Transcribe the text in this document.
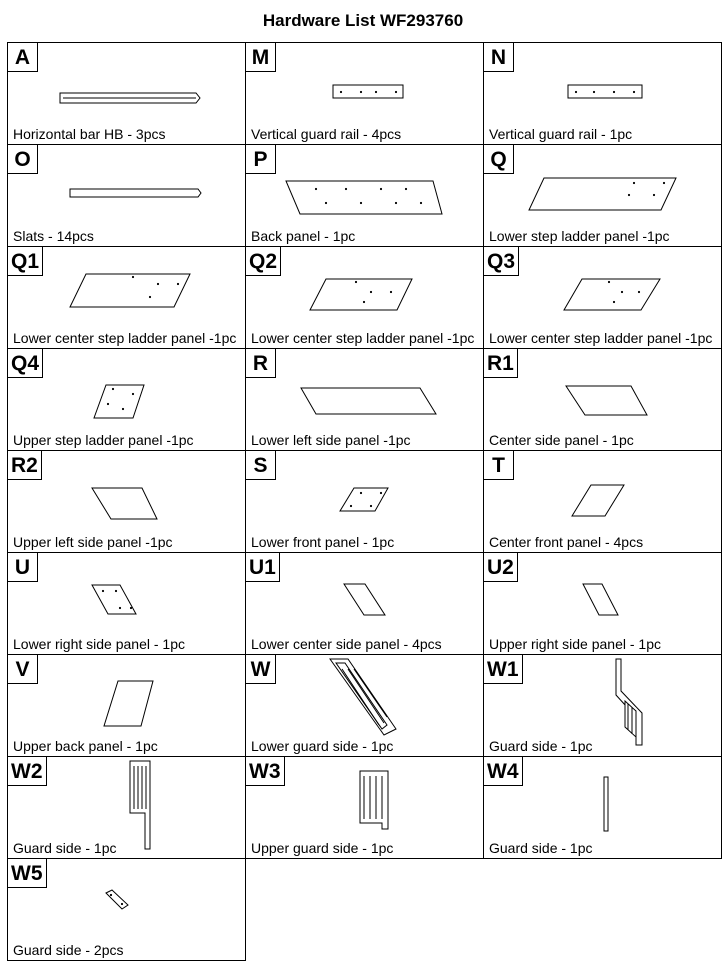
Hardware List WF293760
A
Horizontal bar HB - 3pcs
M
Vertical guard rail - 4pcs
N
Vertical guard rail - 1pc
O
Slats - 14pcs
P
Back panel - 1pc
Q
Lower step ladder panel -1pc
Q1
Lower center step ladder panel -1pc
Q2
Lower center step ladder panel -1pc
Q3
Lower center step ladder panel -1pc
Q4
Upper step ladder panel -1pc
R
Lower left side panel -1pc
R1
Center side panel - 1pc
R2
Upper left side panel -1pc
S
Lower front panel - 1pc
T
Center front panel - 4pcs
U
Lower right side panel - 1pc
U1
Lower center side panel - 4pcs
U2
Upper right side panel - 1pc
V
Upper back panel - 1pc
W
Lower guard side - 1pc
W1
Guard side - 1pc
W2
Guard side - 1pc
W3
Upper guard side - 1pc
W4
Guard side - 1pc
W5
Guard side - 2pcs
